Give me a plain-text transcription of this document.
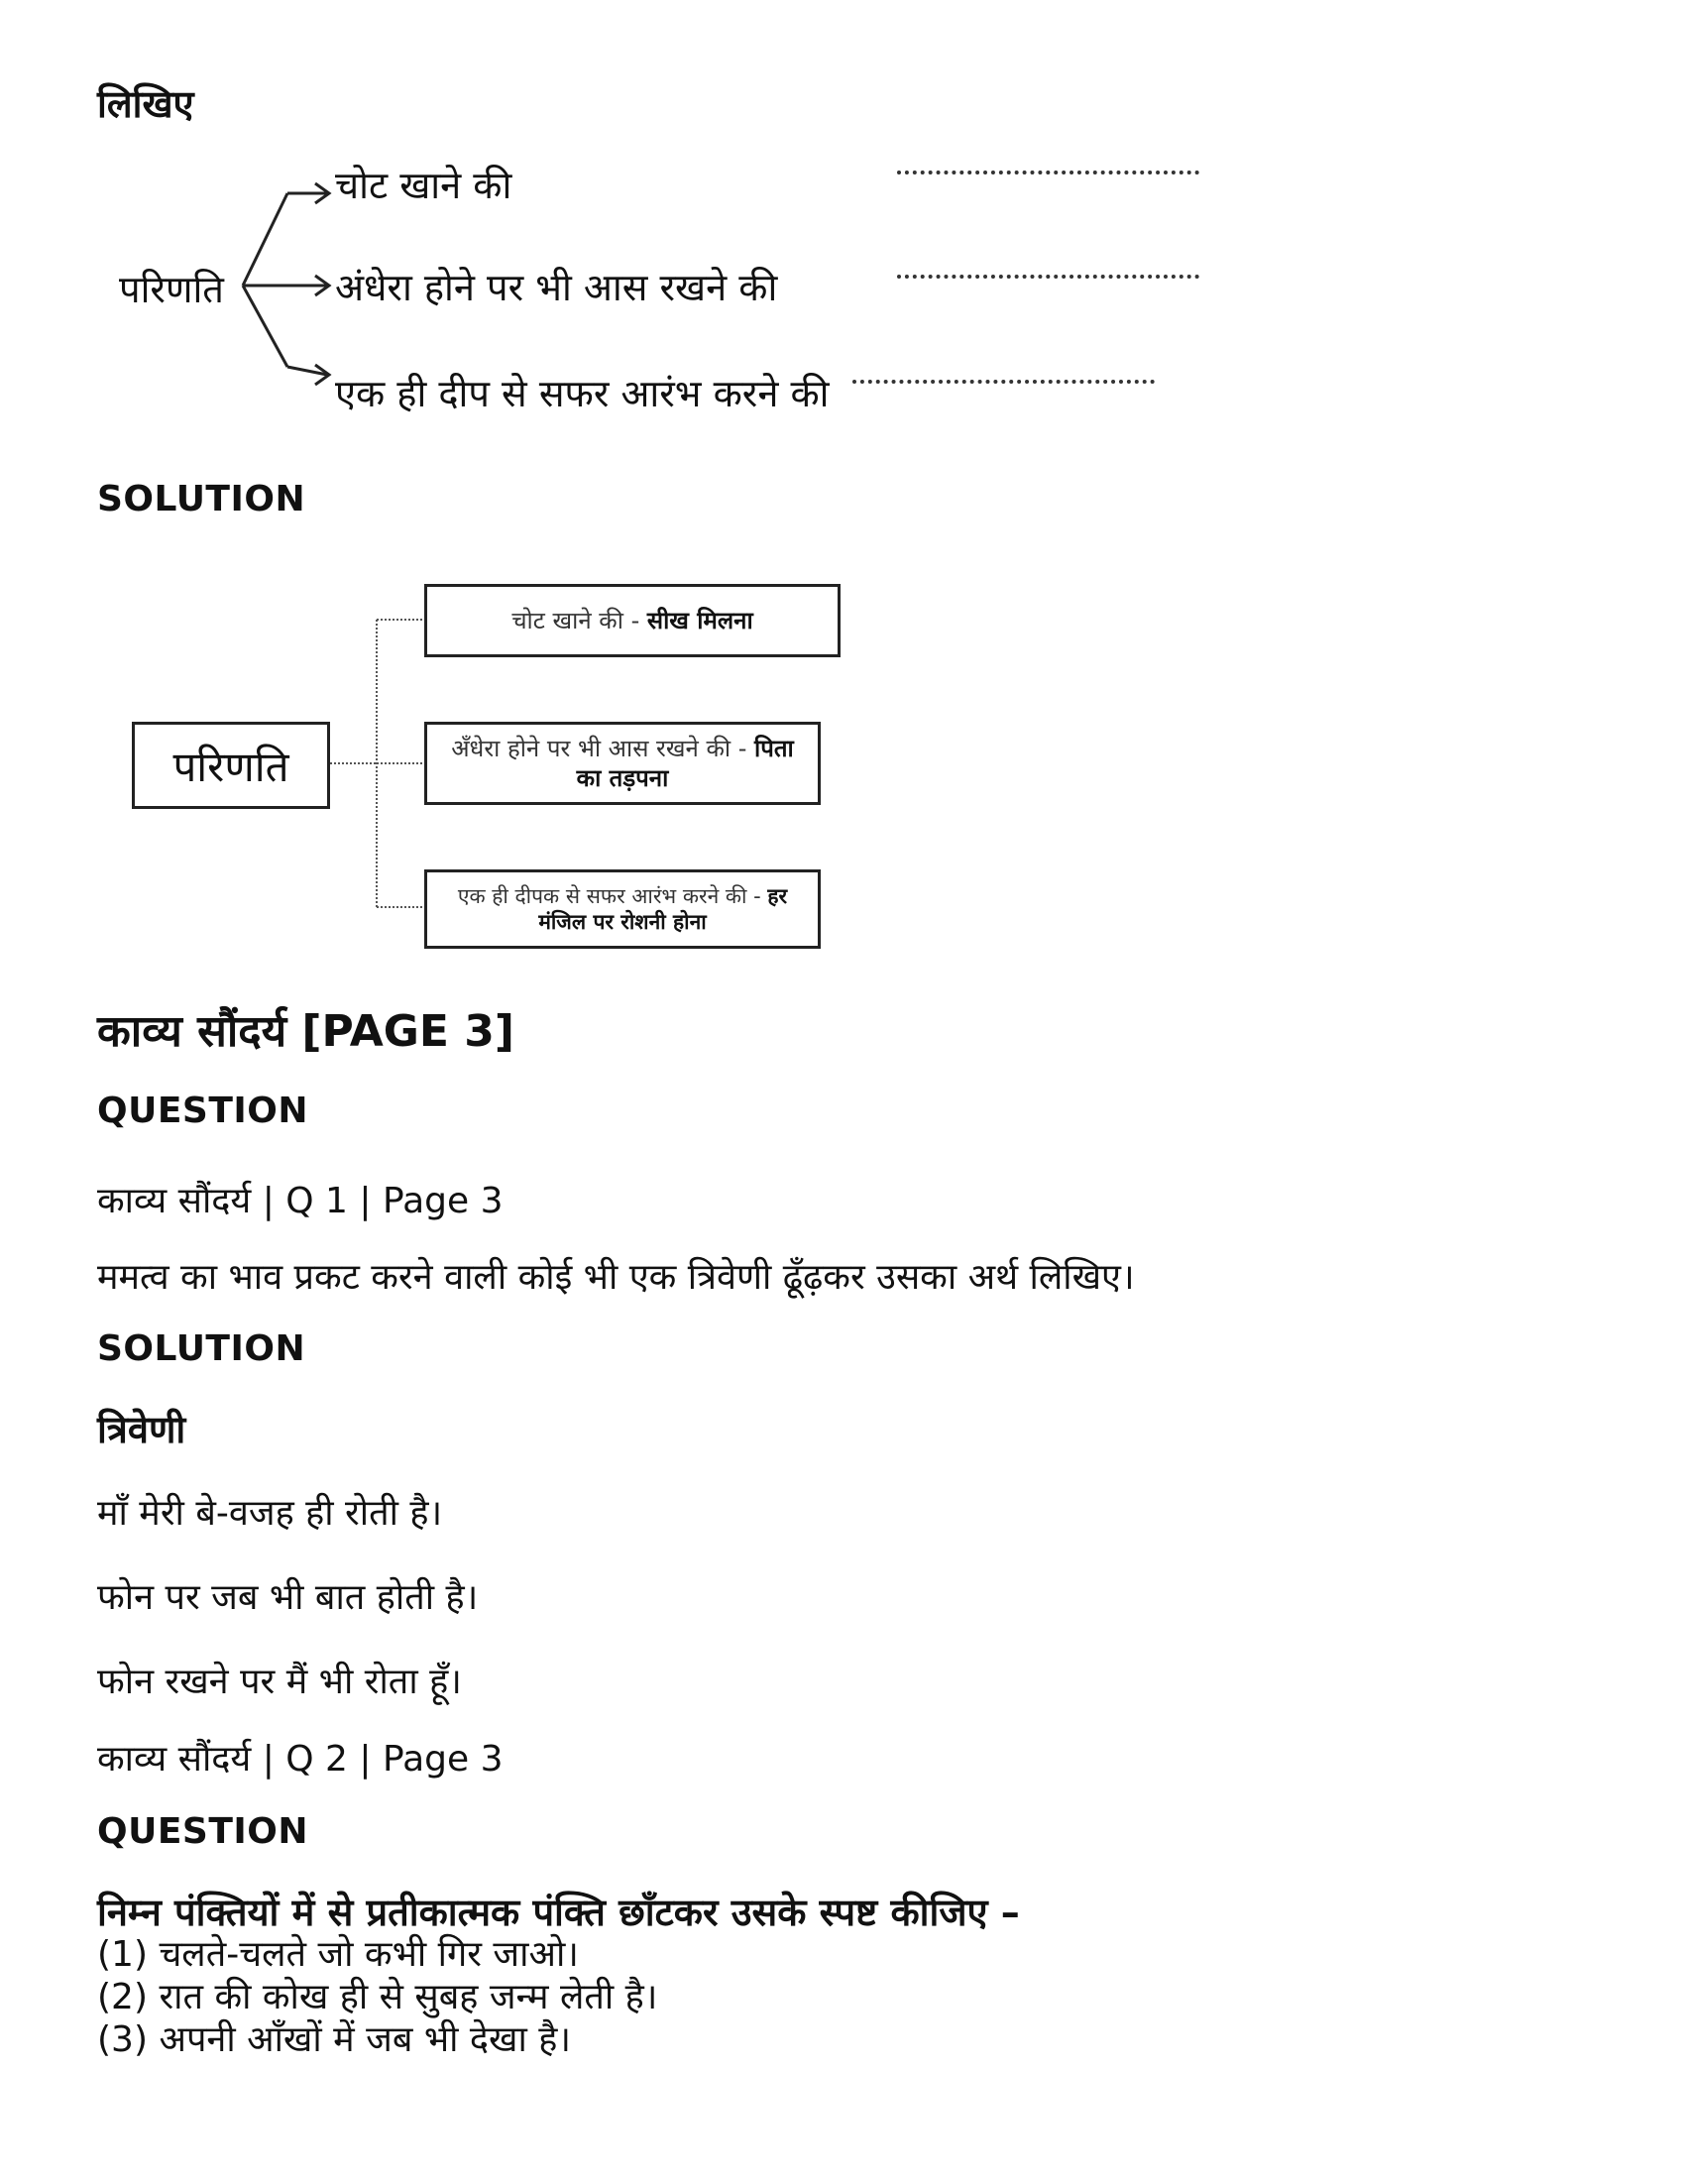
लिखिए
परिणति
चोट खाने की
अंधेरा होने पर भी आस रखने की
एक ही दीप से सफर आरंभ करने की
SOLUTION
परिणति
चोट खाने की - सीख मिलना
अँधेरा होने पर भी आस रखने की - पिता का तड़पना
एक ही दीपक से सफर आरंभ करने की - हर मंजिल पर रोशनी होना
काव्य सौंदर्य [PAGE 3]
QUESTION
काव्य सौंदर्य | Q 1 | Page 3
ममत्व का भाव प्रकट करने वाली कोई भी एक त्रिवेणी ढूँढ़कर उसका अर्थ लिखिए।
SOLUTION
त्रिवेणी
माँ मेरी बे-वजह ही रोती है।
फोन पर जब भी बात होती है।
फोन रखने पर मैं भी रोता हूँ।
काव्य सौंदर्य | Q 2 | Page 3
QUESTION
निम्न पंक्तियों में से प्रतीकात्मक पंक्ति छाँटकर उसके स्पष्ट कीजिए –
(1) चलते-चलते जो कभी गिर जाओ।
(2) रात की कोख ही से सुबह जन्म लेती है।
(3) अपनी आँखों में जब भी देखा है।
